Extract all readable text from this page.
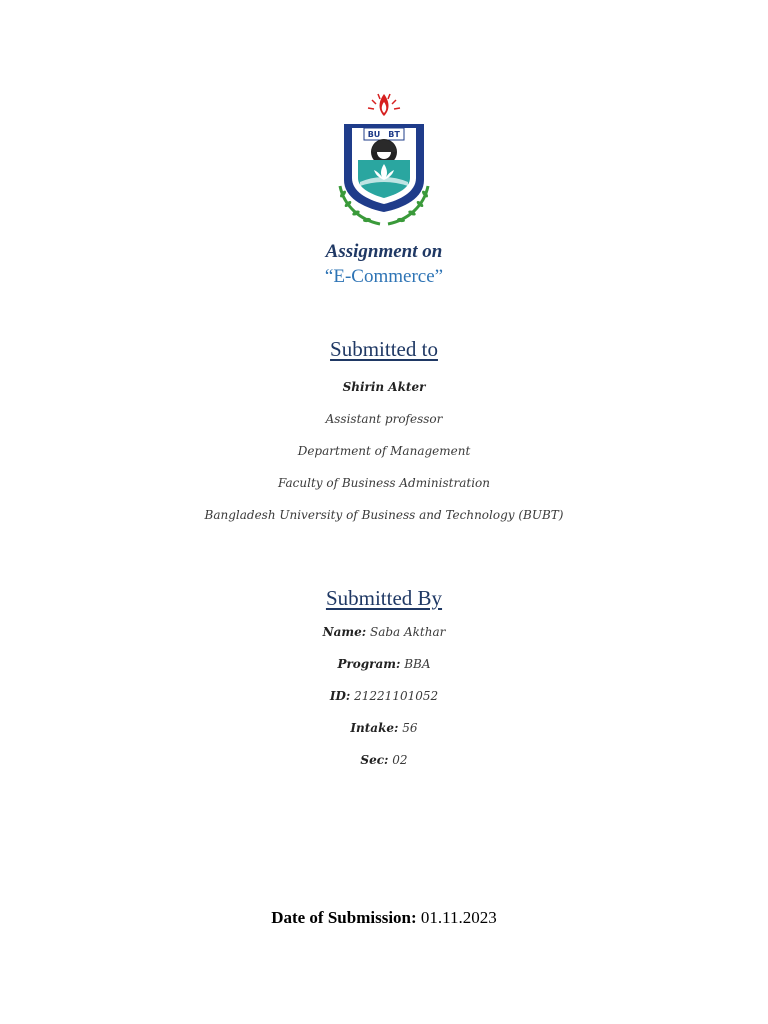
BU BT
Assignment on
“E-Commerce”
Submitted to
Shirin Akter
Assistant professor
Department of Management
Faculty of Business Administration
Bangladesh University of Business and Technology (BUBT)
Submitted By
Name: Saba Akthar
Program: BBA
ID: 21221101052
Intake: 56
Sec: 02
Date of Submission: 01.11.2023
